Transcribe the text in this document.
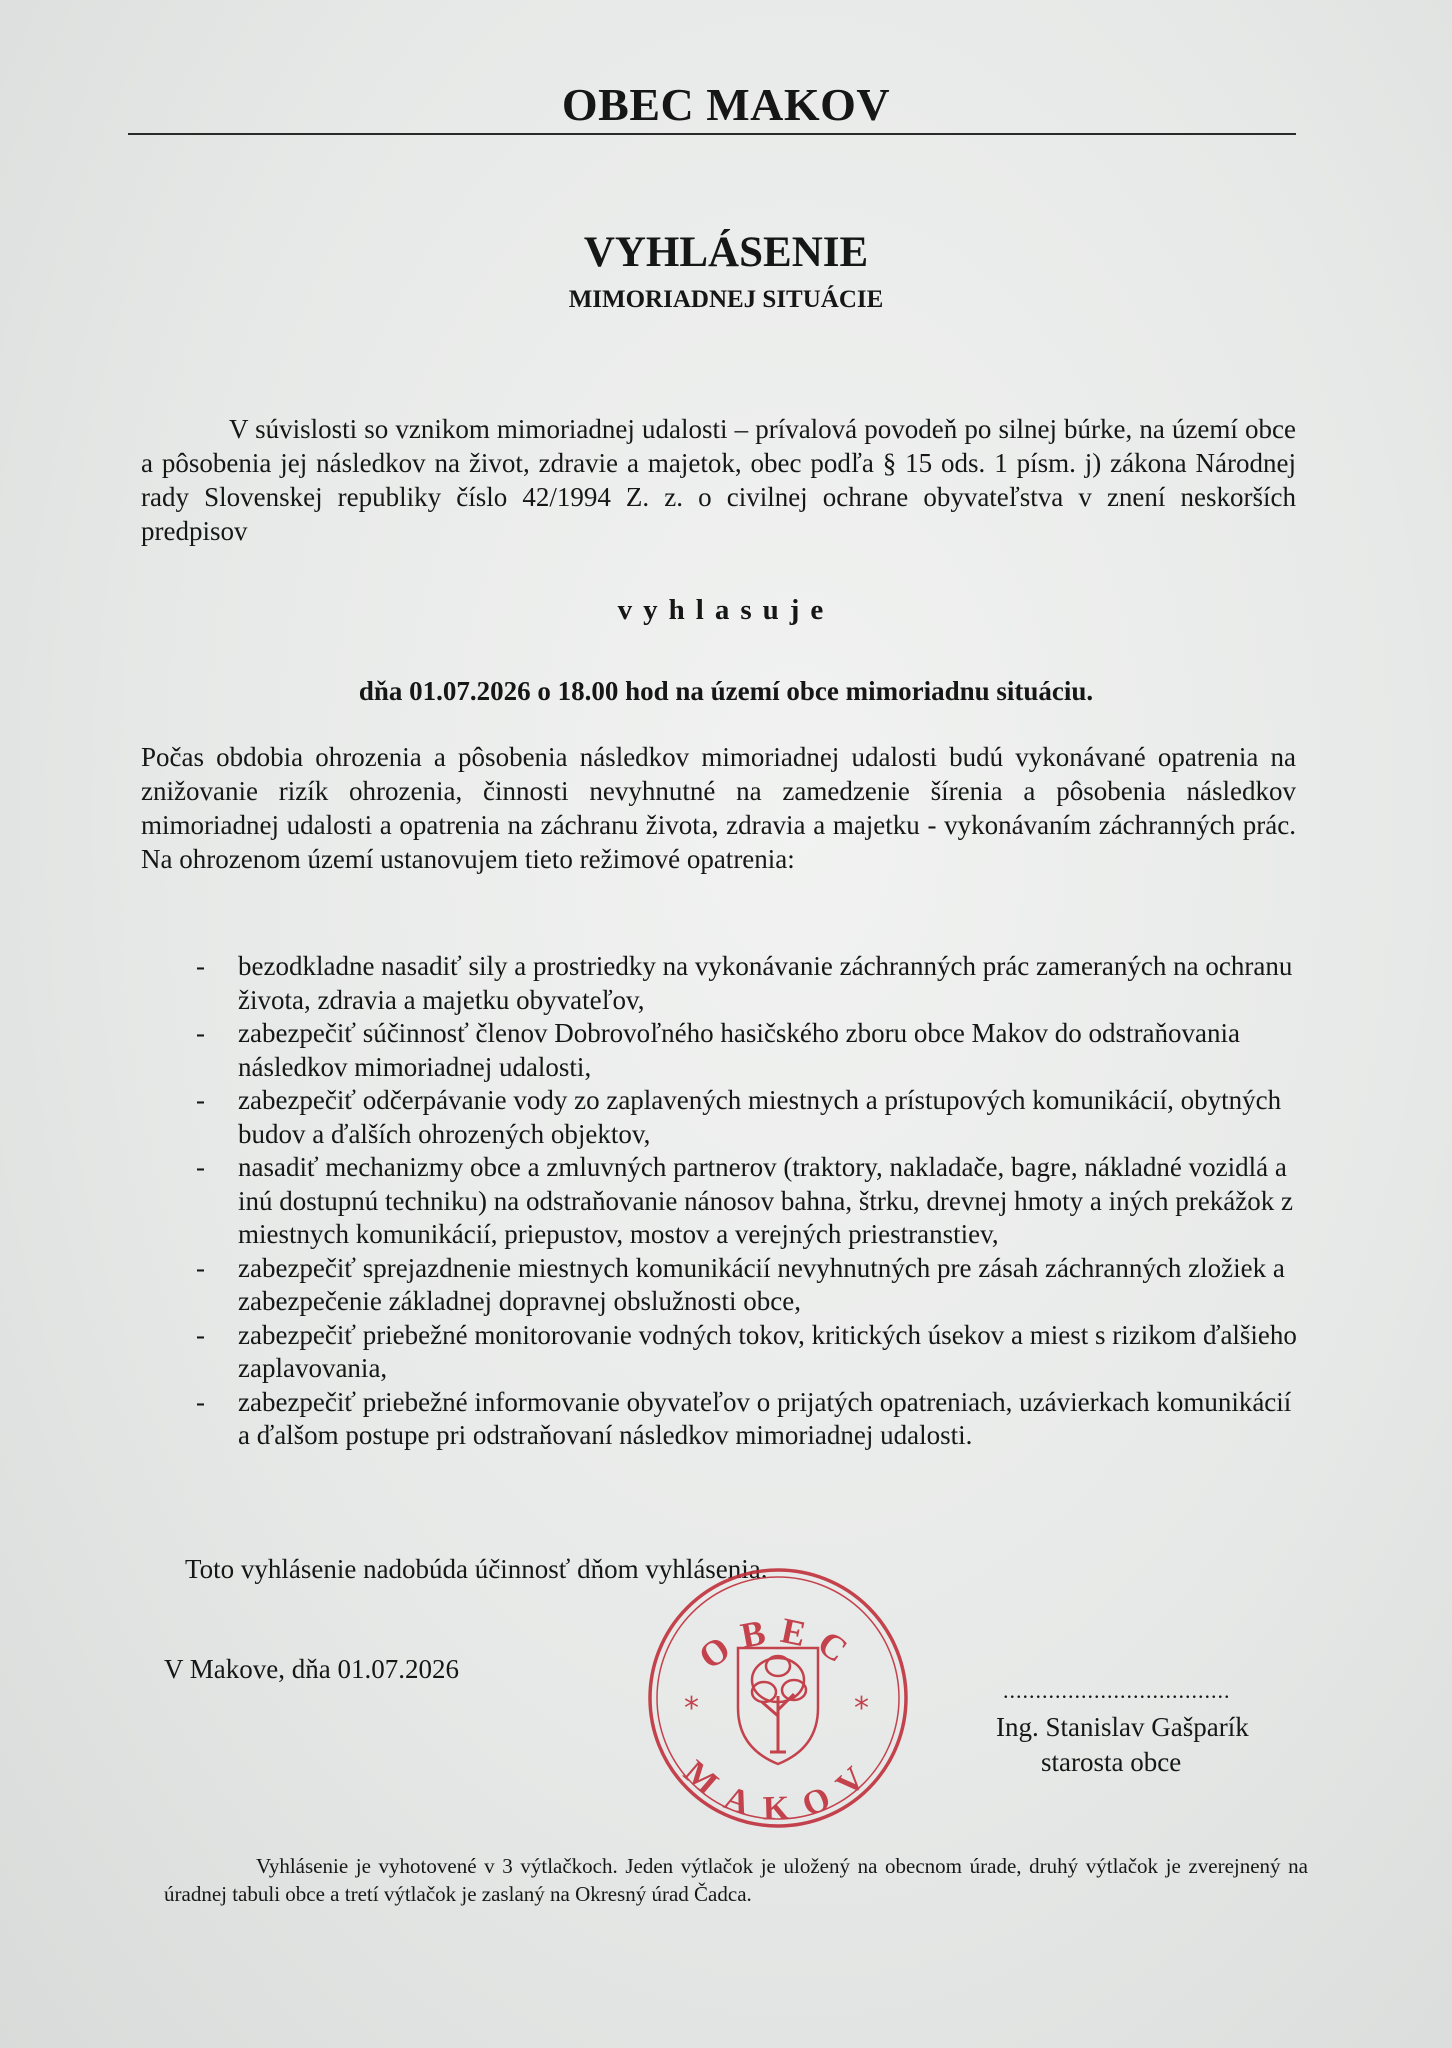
OBEC MAKOV
VYHLÁSENIE
MIMORIADNEJ SITUÁCIE
V súvislosti so vznikom mimoriadnej udalosti – prívalová povodeň po silnej búrke, na území obce a pôsobenia jej následkov na život, zdravie a majetok, obec podľa § 15 ods. 1 písm. j) zákona Národnej rady Slovenskej republiky číslo 42/1994 Z. z. o civilnej ochrane obyvateľstva v znení neskorších predpisov
vyhlasuje
dňa 01.07.2026 o 18.00 hod na území obce mimoriadnu situáciu.
Počas obdobia ohrozenia a pôsobenia následkov mimoriadnej udalosti budú vykonávané opatrenia na znižovanie rizík ohrozenia, činnosti nevyhnutné na zamedzenie šírenia a pôsobenia následkov mimoriadnej udalosti a opatrenia na záchranu života, zdravia a majetku - vykonávaním záchranných prác. Na ohrozenom území ustanovujem tieto režimové opatrenia:
- bezodkladne nasadiť sily a prostriedky na vykonávanie záchranných prác zameraných na ochranu života, zdravia a majetku obyvateľov,
- zabezpečiť súčinnosť členov Dobrovoľného hasičského zboru obce Makov do odstraňovania následkov mimoriadnej udalosti,
- zabezpečiť odčerpávanie vody zo zaplavených miestnych a prístupových komunikácií, obytných budov a ďalších ohrozených objektov,
- nasadiť mechanizmy obce a zmluvných partnerov (traktory, nakladače, bagre, nákladné vozidlá a inú dostupnú techniku) na odstraňovanie nánosov bahna, štrku, drevnej hmoty a iných prekážok z miestnych komunikácií, priepustov, mostov a verejných priestranstiev,
- zabezpečiť sprejazdnenie miestnych komunikácií nevyhnutných pre zásah záchranných zložiek a zabezpečenie základnej dopravnej obslužnosti obce,
- zabezpečiť priebežné monitorovanie vodných tokov, kritických úsekov a miest s rizikom ďalšieho zaplavovania,
- zabezpečiť priebežné informovanie obyvateľov o prijatých opatreniach, uzávierkach komunikácií a ďalšom postupe pri odstraňovaní následkov mimoriadnej udalosti.
Toto vyhlásenie nadobúda účinnosť dňom vyhlásenia.
V Makove, dňa 01.07.2026	OBEC
MAKOV
*	*
...................................
Ing. Stanislav Gašparík
starosta obce
Vyhlásenie je vyhotovené v 3 výtlačkoch. Jeden výtlačok je uložený na obecnom úrade, druhý výtlačok je zverejnený na úradnej tabuli obce a tretí výtlačok je zaslaný na Okresný úrad Čadca.
